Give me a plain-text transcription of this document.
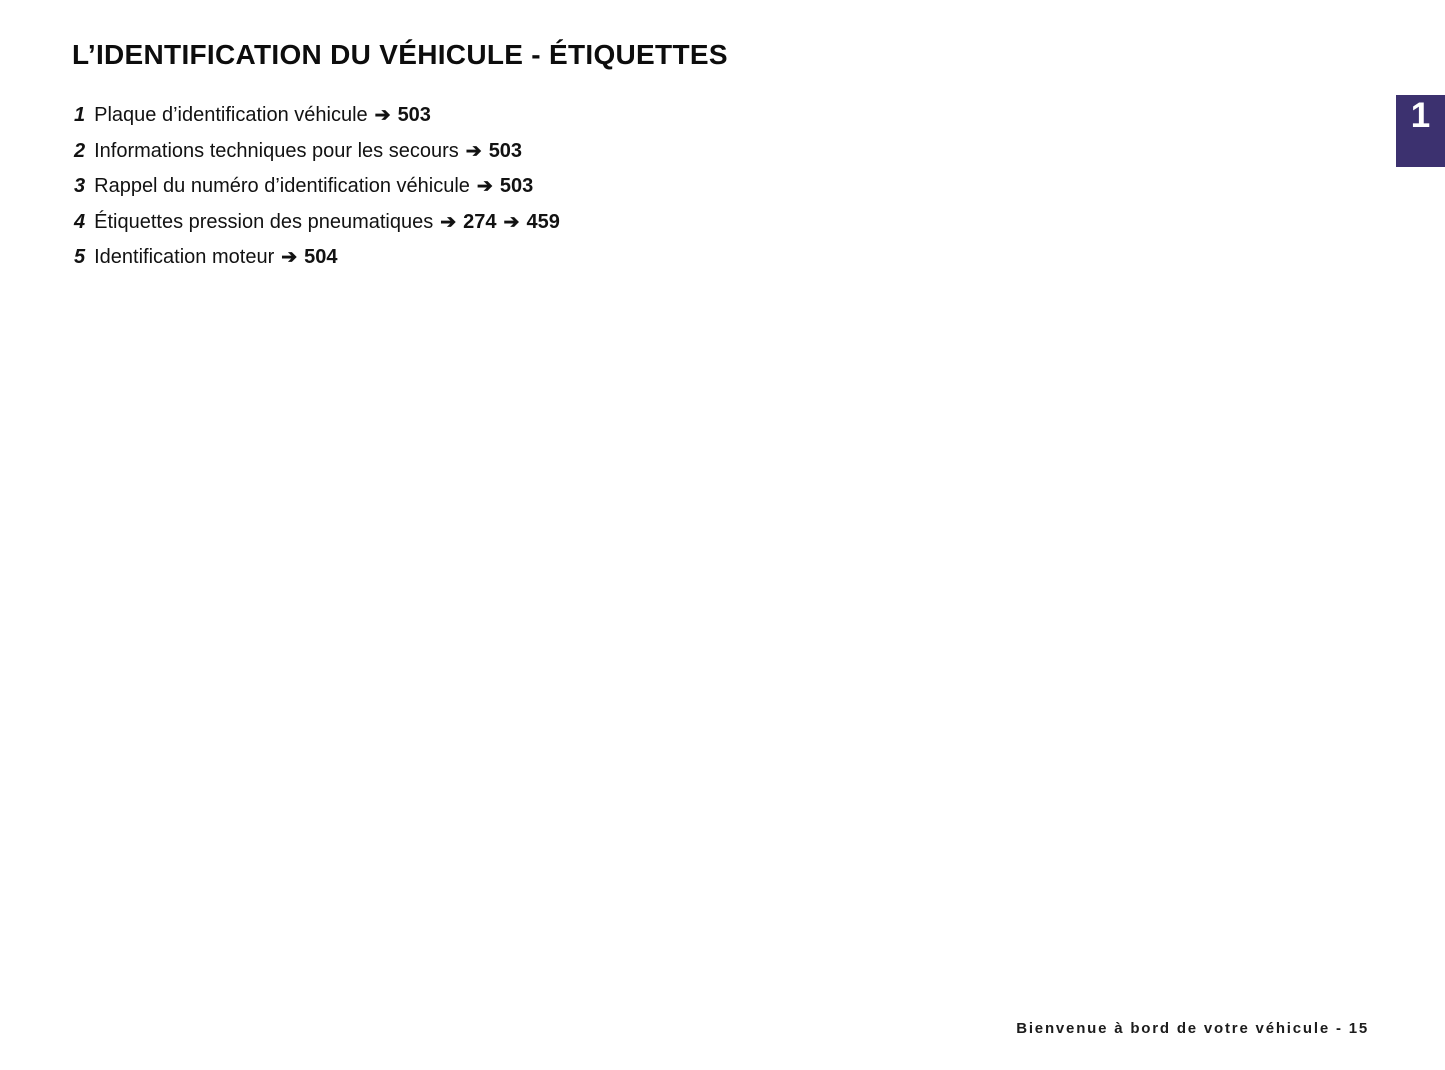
L’IDENTIFICATION DU VÉHICULE - ÉTIQUETTES
1 Plaque d’identification véhicule ➔ 503
2 Informations techniques pour les secours ➔ 503
3 Rappel du numéro d’identification véhicule ➔ 503
4 Étiquettes pression des pneumatiques ➔ 274 ➔ 459
5 Identification moteur ➔ 504
1
Bienvenue à bord de votre véhicule - 15
